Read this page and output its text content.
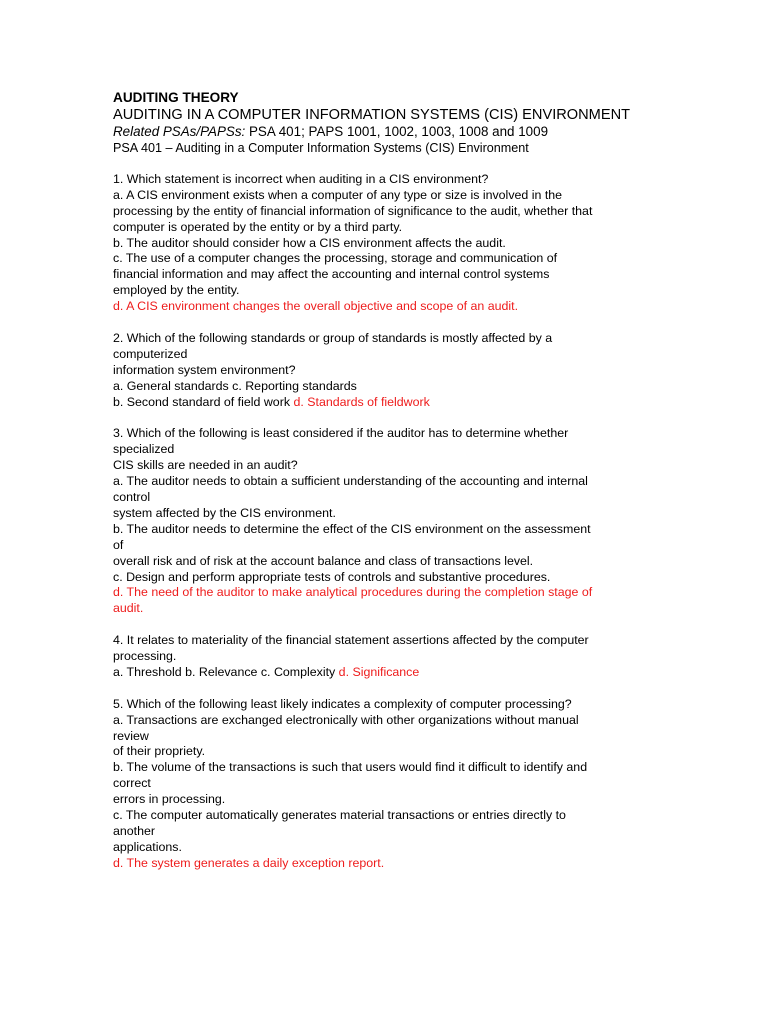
AUDITING THEORY
AUDITING IN A COMPUTER INFORMATION SYSTEMS (CIS) ENVIRONMENT
Related PSAs/PAPSs: PSA 401; PAPS 1001, 1002, 1003, 1008 and 1009
PSA 401 – Auditing in a Computer Information Systems (CIS) Environment
1. Which statement is incorrect when auditing in a CIS environment?
a. A CIS environment exists when a computer of any type or size is involved in the
processing by the entity of financial information of significance to the audit, whether that
computer is operated by the entity or by a third party.
b. The auditor should consider how a CIS environment affects the audit.
c. The use of a computer changes the processing, storage and communication of
financial information and may affect the accounting and internal control systems
employed by the entity.
d. A CIS environment changes the overall objective and scope of an audit.
2. Which of the following standards or group of standards is mostly affected by a
computerized
information system environment?
a. General standards c. Reporting standards
b. Second standard of field work d. Standards of fieldwork
3. Which of the following is least considered if the auditor has to determine whether
specialized
CIS skills are needed in an audit?
a. The auditor needs to obtain a sufficient understanding of the accounting and internal
control
system affected by the CIS environment.
b. The auditor needs to determine the effect of the CIS environment on the assessment
of
overall risk and of risk at the account balance and class of transactions level.
c. Design and perform appropriate tests of controls and substantive procedures.
d. The need of the auditor to make analytical procedures during the completion stage of
audit.
4. It relates to materiality of the financial statement assertions affected by the computer
processing.
a. Threshold b. Relevance c. Complexity d. Significance
5. Which of the following least likely indicates a complexity of computer processing?
a. Transactions are exchanged electronically with other organizations without manual
review
of their propriety.
b. The volume of the transactions is such that users would find it difficult to identify and
correct
errors in processing.
c. The computer automatically generates material transactions or entries directly to
another
applications.
d. The system generates a daily exception report.
